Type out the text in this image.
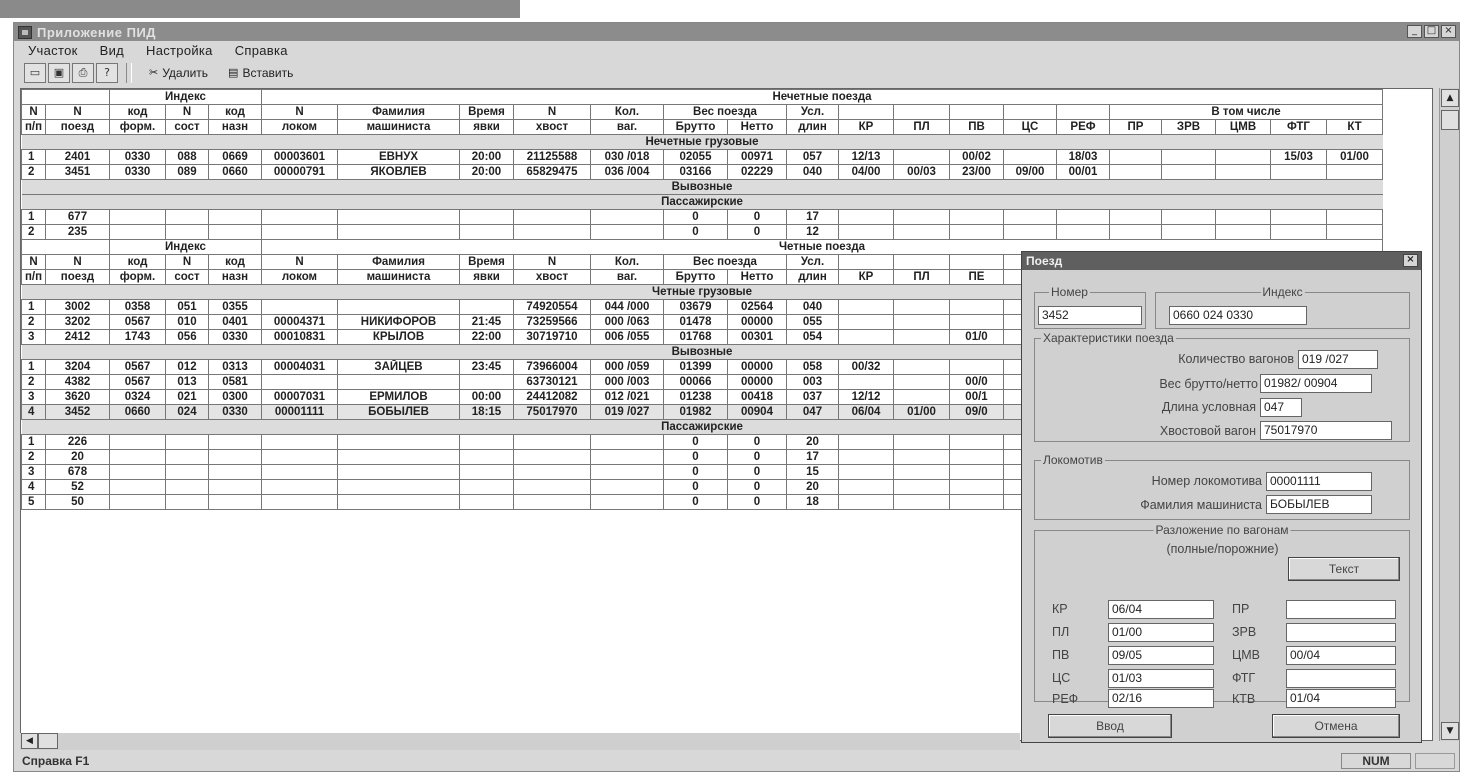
Приложение ПИД	_ □ ×
Участок Вид Настройка Справка
▭	▣	⎙	?	✂ Удалить ▤ Вставить
		Индекс			Нечетные поезда																	
N	N	код	N	код	N	Фамилия	Время	N	Кол.	Вес поезда		Усл.						В том числе				
п/п	поезд	форм.	сост	назн	локом	машиниста	явки	хвост	ваг.	Брутто	Нетто	длин	КР	ПЛ	ПВ	ЦС	РЕФ	ПР	ЗРВ	ЦМВ	ФТГ	КТ
Нечетные грузовые																						
1	2401	0330	088	0669	00003601	ЕВНУХ	20:00	21125588	030 /018	02055	00971	057	12/13		00/02		18/03				15/03	01/00
2	3451	0330	089	0660	00000791	ЯКОВЛЕВ	20:00	65829475	036 /004	03166	02229	040	04/00	00/03	23/00	09/00	00/01					
Вывозные																						
Пассажирские																						
1	677									0	0	17										
2	235									0	0	12										
		Индекс			Четные поезда																	
N	N	код	N	код	N	Фамилия	Время	N	Кол.	Вес поезда		Усл.										
п/п	поезд	форм.	сост	назн	локом	машиниста	явки	хвост	ваг.	Брутто	Нетто	длин	КР	ПЛ	ПЕ							
Четные грузовые																						
1	3002	0358	051	0355				74920554	044 /000	03679	02564	040										
2	3202	0567	010	0401	00004371	НИКИФОРОВ	21:45	73259566	000 /063	01478	00000	055										
3	2412	1743	056	0330	00010831	КРЫЛОВ	22:00	30719710	006 /055	01768	00301	054			01/0							
Вывозные																						
1	3204	0567	012	0313	00004031	ЗАЙЦЕВ	23:45	73966004	000 /059	01399	00000	058	00/32									
2	4382	0567	013	0581				63730121	000 /003	00066	00000	003			00/0							
3	3620	0324	021	0300	00007031	ЕРМИЛОВ	00:00	24412082	012 /021	01238	00418	037	12/12		00/1							
4	3452	0660	024	0330	00001111	БОБЫЛЕВ	18:15	75017970	019 /027	01982	00904	047	06/04	01/00	09/0							
Пассажирские																						
1	226									0	0	20										
2	20									0	0	17										
3	678									0	0	15										
4	52									0	0	20										
5	50									0	0	18										
▲
▼
◀
Справка F1	NUM
Поезд	×
Номер
3452
Индекс
0660 024 0330
Характеристики поезда
Количество вагонов 019 /027
Вес брутто/нетто 01982/ 00904
Длина условная 047
Хвостовой вагон 75017970
Локомотив
Номер локомотива 00001111
Фамилия машиниста БОБЫЛЕВ
Разложение по вагонам
(полные/порожние)
Текст
КР	06/04
ПЛ	01/00
ПВ	09/05
ЦС	01/03
РЕФ	02/16
ПР
ЗРВ
ЦМВ	00/04
ФТГ
КТВ	01/04
Ввод	Отмена
